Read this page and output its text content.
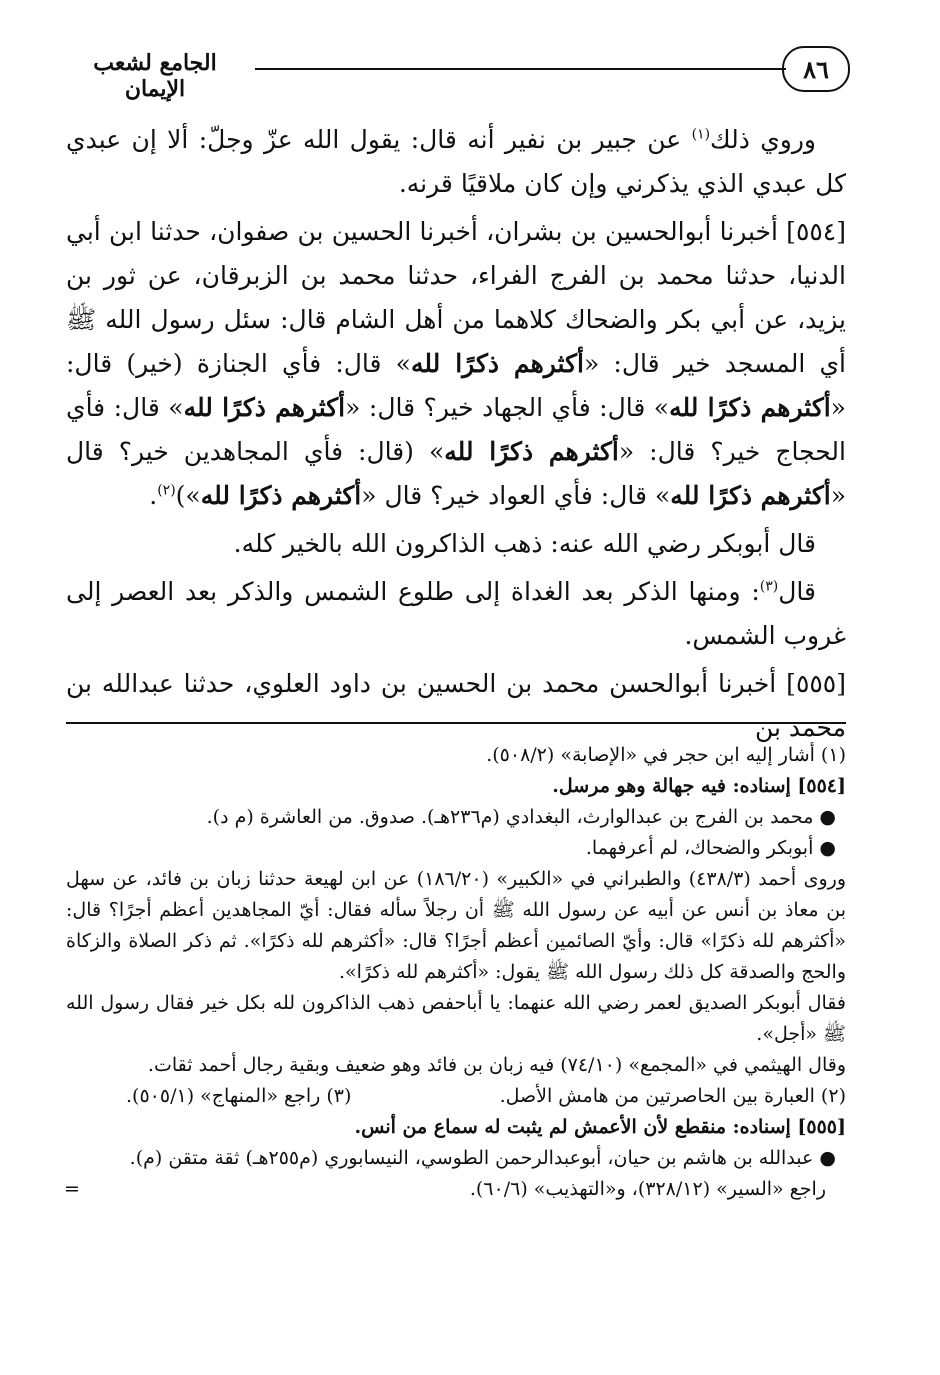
٨٦
الجامع لشعب الإيمان

وروي ذلك$^{(١)}$ عن جبير بن نفير أنه قال: يقول الله عزّ وجلّ: ألا إن عبدي كل عبدي الذي يذكرني وإن كان ملاقيًا قرنه.

[٥٥٤] أخبرنا أبوالحسين بن بشران، أخبرنا الحسين بن صفوان، حدثنا ابن أبي الدنيا، حدثنا محمد بن الفرج الفراء، حدثنا محمد بن الزبرقان، عن ثور بن يزيد، عن أبي بكر والضحاك كلاهما من أهل الشام قال: سئل رسول الله ﷺ أي المسجد خير قال: «أكثرهم ذكرًا لله» قال: فأي الجنازة (خير) قال: «أكثرهم ذكرًا لله» قال: فأي الجهاد خير؟ قال: «أكثرهم ذكرًا لله» قال: فأي الحجاج خير؟ قال: «أكثرهم ذكرًا لله» (قال: فأي المجاهدين خير؟ قال «أكثرهم ذكرًا لله» قال: فأي العواد خير؟ قال «أكثرهم ذكرًا لله»)$^{(٢)}$.

قال أبوبكر رضي الله عنه: ذهب الذاكرون الله بالخير كله.

قال$^{(٣)}$: ومنها الذكر بعد الغداة إلى طلوع الشمس والذكر بعد العصر إلى غروب الشمس.

[٥٥٥] أخبرنا أبوالحسن محمد بن الحسين بن داود العلوي، حدثنا عبدالله بن محمد بن

(١) أشار إليه ابن حجر في «الإصابة» (٥٠٨/٢).

[٥٥٤] إسناده: فيه جهالة وهو مرسل.

● محمد بن الفرج بن عبدالوارث، البغدادي (م٢٣٦هـ). صدوق. من العاشرة (م د).

● أبوبكر والضحاك، لم أعرفهما.

وروى أحمد (٤٣٨/٣) والطبراني في «الكبير» (١٨٦/٢٠) عن ابن لهيعة حدثنا زبان بن فائد، عن سهل بن معاذ بن أنس عن أبيه عن رسول الله ﷺ أن رجلاً سأله فقال: أيّ المجاهدين أعظم أجرًا؟ قال: «أكثرهم لله ذكرًا» قال: وأيّ الصائمين أعظم أجرًا؟ قال: «أكثرهم لله ذكرًا». ثم ذكر الصلاة والزكاة والحج والصدقة كل ذلك رسول الله ﷺ يقول: «أكثرهم لله ذكرًا».

فقال أبوبكر الصديق لعمر رضي الله عنهما: يا أباحفص ذهب الذاكرون لله بكل خير فقال رسول الله ﷺ «أجل».

وقال الهيثمي في «المجمع» (٧٤/١٠) فيه زبان بن فائد وهو ضعيف وبقية رجال أحمد ثقات.

(٢) العبارة بين الحاصرتين من هامش الأصل.
(٣) راجع «المنهاج» (٥٠٥/١).

[٥٥٥] إسناده: منقطع لأن الأعمش لم يثبت له سماع من أنس.

● عبدالله بن هاشم بن حيان، أبوعبدالرحمن الطوسي، النيسابوري (م٢٥٥هـ) ثقة متقن (م).

راجع «السير» (٣٢٨/١٢)، و«التهذيب» (٦٠/٦).
=
